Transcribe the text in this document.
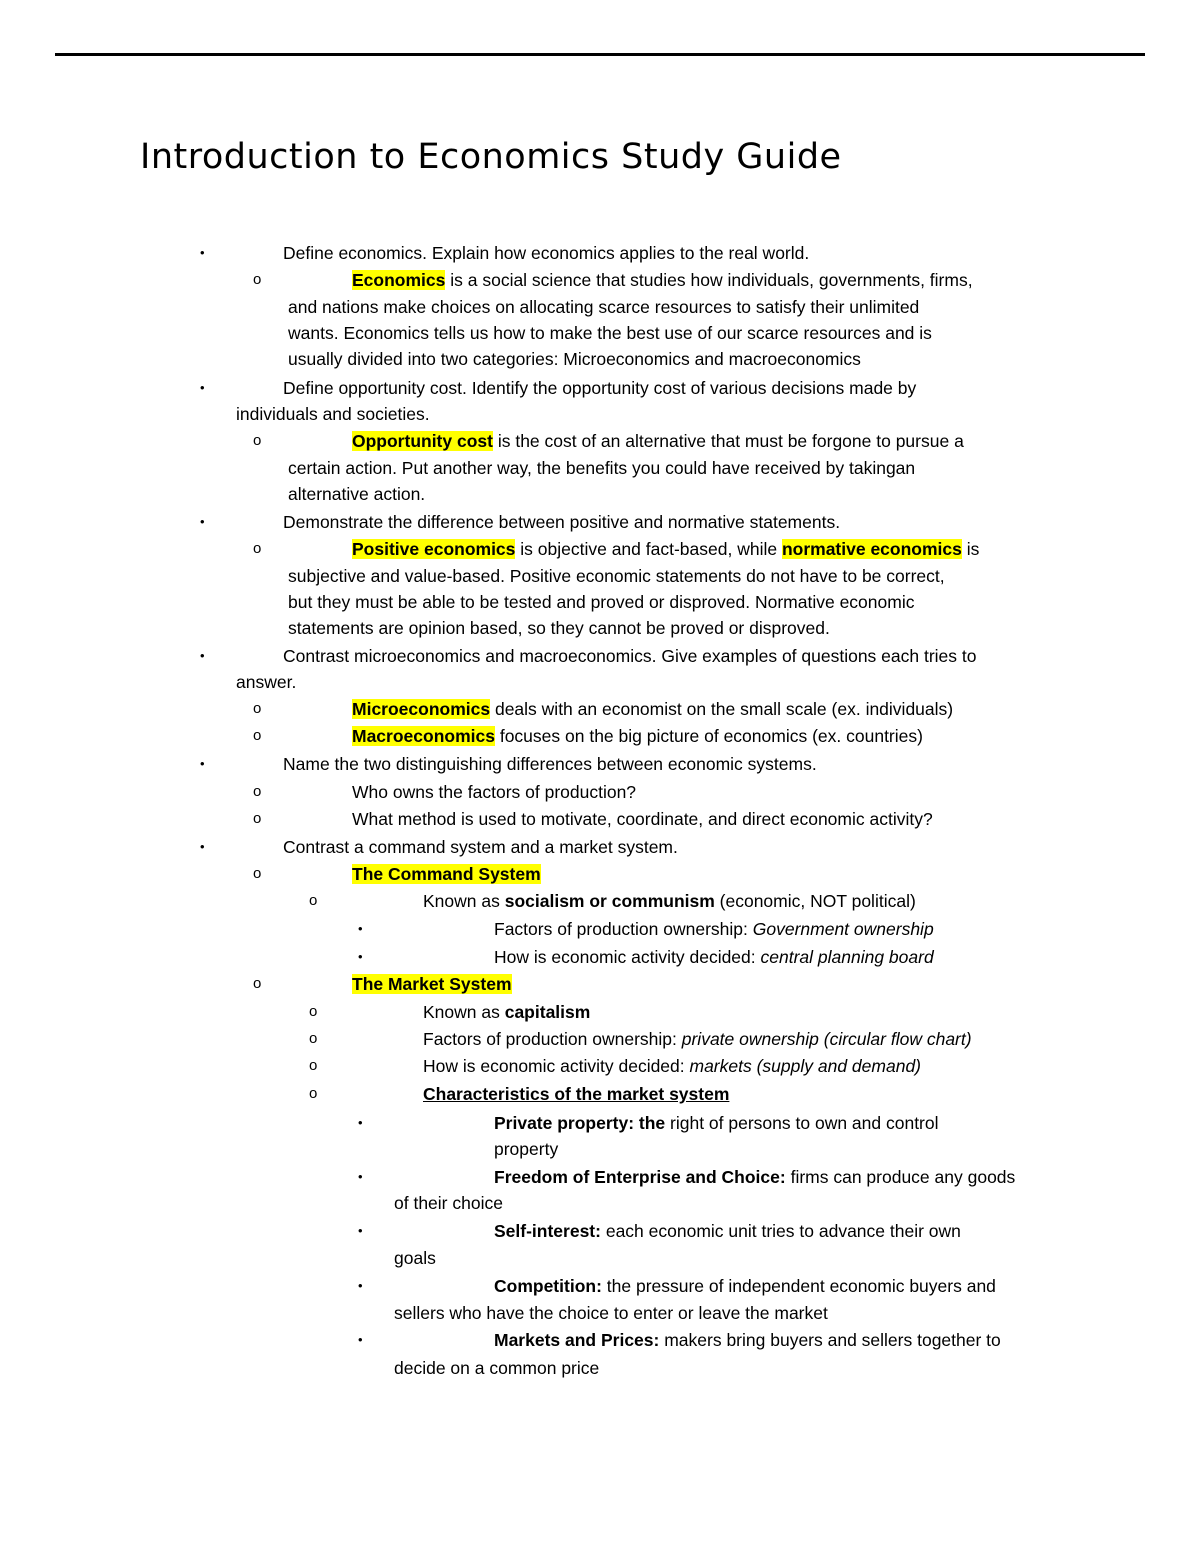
Introduction to Economics Study Guide
•	Define economics. Explain how economics applies to the real world.
o	Economics is a social science that studies how individuals, governments, firms,
and nations make choices on allocating scarce resources to satisfy their unlimited
wants. Economics tells us how to make the best use of our scarce resources and is
usually divided into two categories: Microeconomics and macroeconomics
•	Define opportunity cost. Identify the opportunity cost of various decisions made by
individuals and societies.
o	Opportunity cost is the cost of an alternative that must be forgone to pursue a
certain action. Put another way, the benefits you could have received by takingan
alternative action.
•	Demonstrate the difference between positive and normative statements.
o	Positive economics is objective and fact-based, while normative economics is
subjective and value-based. Positive economic statements do not have to be correct,
but they must be able to be tested and proved or disproved. Normative economic
statements are opinion based, so they cannot be proved or disproved.
•	Contrast microeconomics and macroeconomics. Give examples of questions each tries to
answer.
o	Microeconomics deals with an economist on the small scale (ex. individuals)
o	Macroeconomics focuses on the big picture of economics (ex. countries)
•	Name the two distinguishing differences between economic systems.
o	Who owns the factors of production?
o	What method is used to motivate, coordinate, and direct economic activity?
•	Contrast a command system and a market system.
o	The Command System
o	Known as socialism or communism (economic, NOT political)
•	Factors of production ownership: Government ownership
•	How is economic activity decided: central planning board
o	The Market System
o	Known as capitalism
o	Factors of production ownership: private ownership (circular flow chart)
o	How is economic activity decided: markets (supply and demand)
o	Characteristics of the market system
•	Private property: the right of persons to own and control
property
•	Freedom of Enterprise and Choice: firms can produce any goods
of their choice
•	Self-interest: each economic unit tries to advance their own
goals
•	Competition: the pressure of independent economic buyers and
sellers who have the choice to enter or leave the market
•	Markets and Prices: makers bring buyers and sellers together to
decide on a common price
